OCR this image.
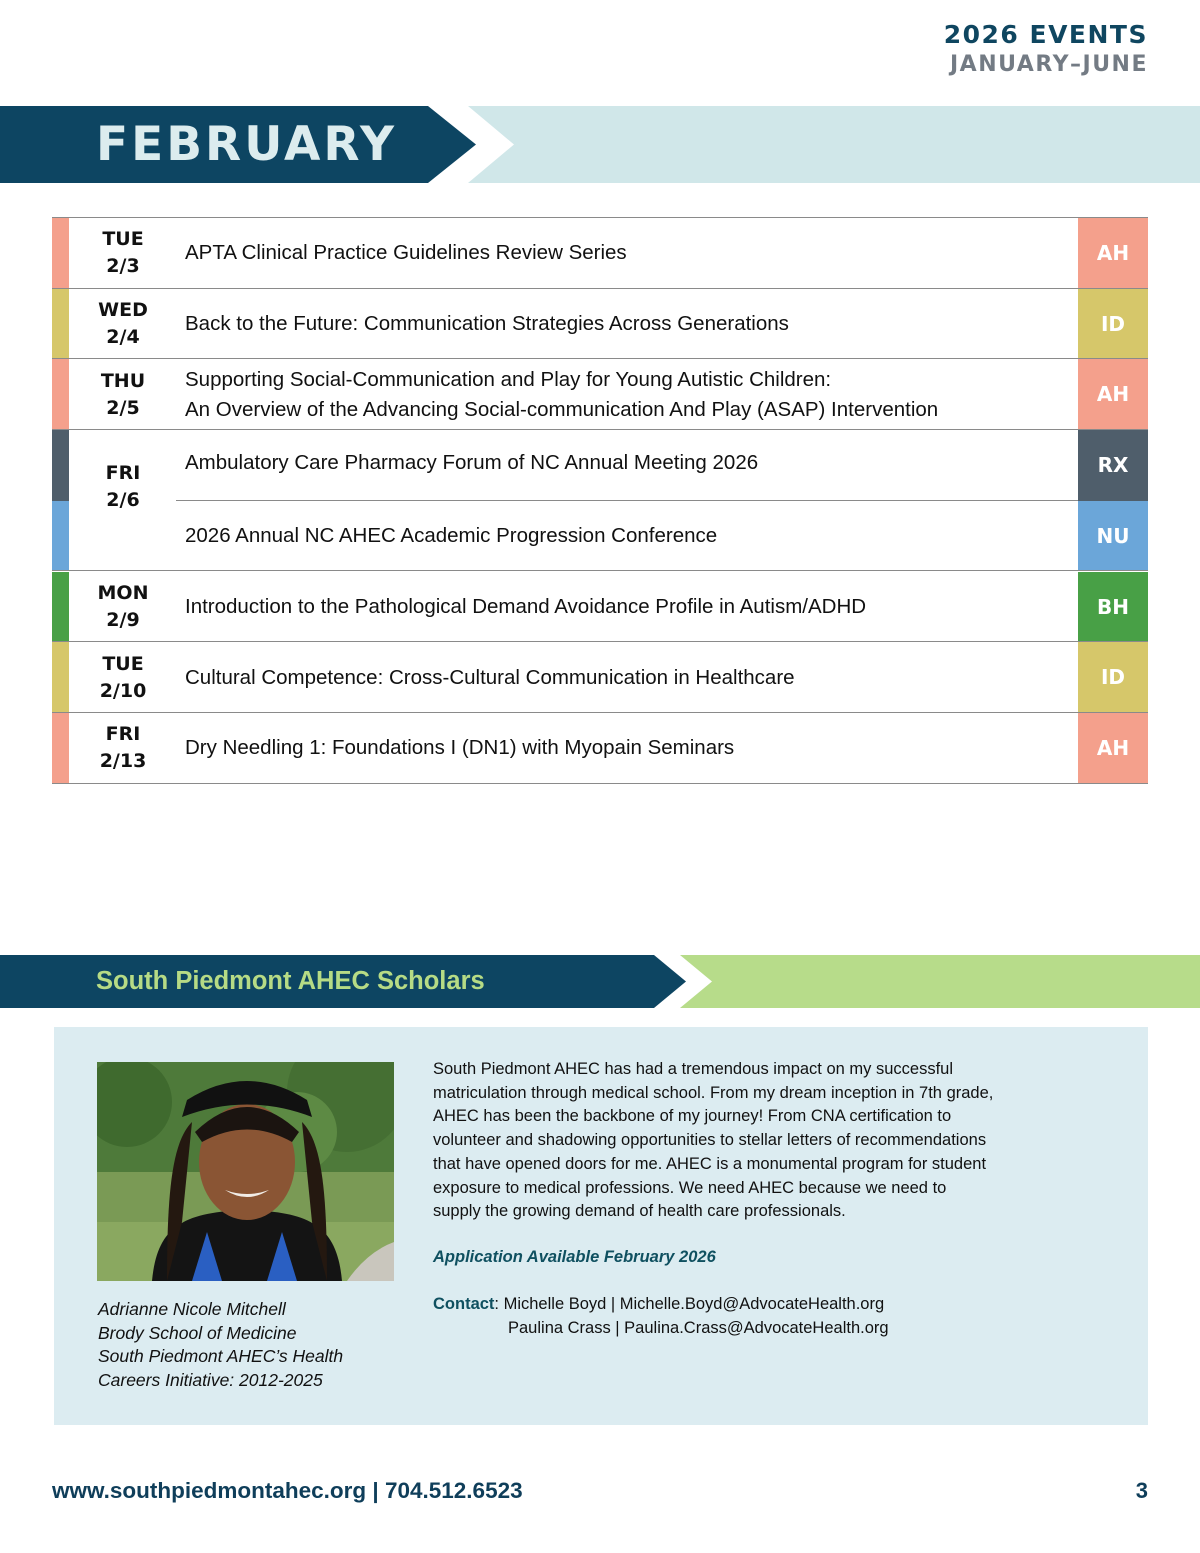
2026 EVENTS
JANUARY–JUNE
FEBRUARY
TUE
2/3
APTA Clinical Practice Guidelines Review Series	AH
WED
2/4
Back to the Future: Communication Strategies Across Generations	ID
THU
2/5
Supporting Social-Communication and Play for Young Autistic Children:
An Overview of the Advancing Social-communication And Play (ASAP) Intervention
AH
FRI
2/6
Ambulatory Care Pharmacy Forum of NC Annual Meeting 2026	RX
2026 Annual NC AHEC Academic Progression Conference	NU
MON
2/9
Introduction to the Pathological Demand Avoidance Profile in Autism/ADHD	BH
TUE
2/10
Cultural Competence: Cross-Cultural Communication in Healthcare	ID
FRI
2/13
Dry Needling 1: Foundations I (DN1) with Myopain Seminars	AH
South Piedmont AHEC Scholars
Adrianne Nicole Mitchell
Brody School of Medicine
South Piedmont AHEC’s Health
Careers Initiative: 2012-2025
South Piedmont AHEC has had a tremendous impact on my successful
matriculation through medical school. From my dream inception in 7th grade,
AHEC has been the backbone of my journey! From CNA certification to
volunteer and shadowing opportunities to stellar letters of recommendations
that have opened doors for me. AHEC is a monumental program for student
exposure to medical professions. We need AHEC because we need to
supply the growing demand of health care professionals.
Application Available February 2026
Contact: Michelle Boyd | Michelle.Boyd@AdvocateHealth.org
Paulina Crass | Paulina.Crass@AdvocateHealth.org
www.southpiedmontahec.org | 704.512.6523	3
